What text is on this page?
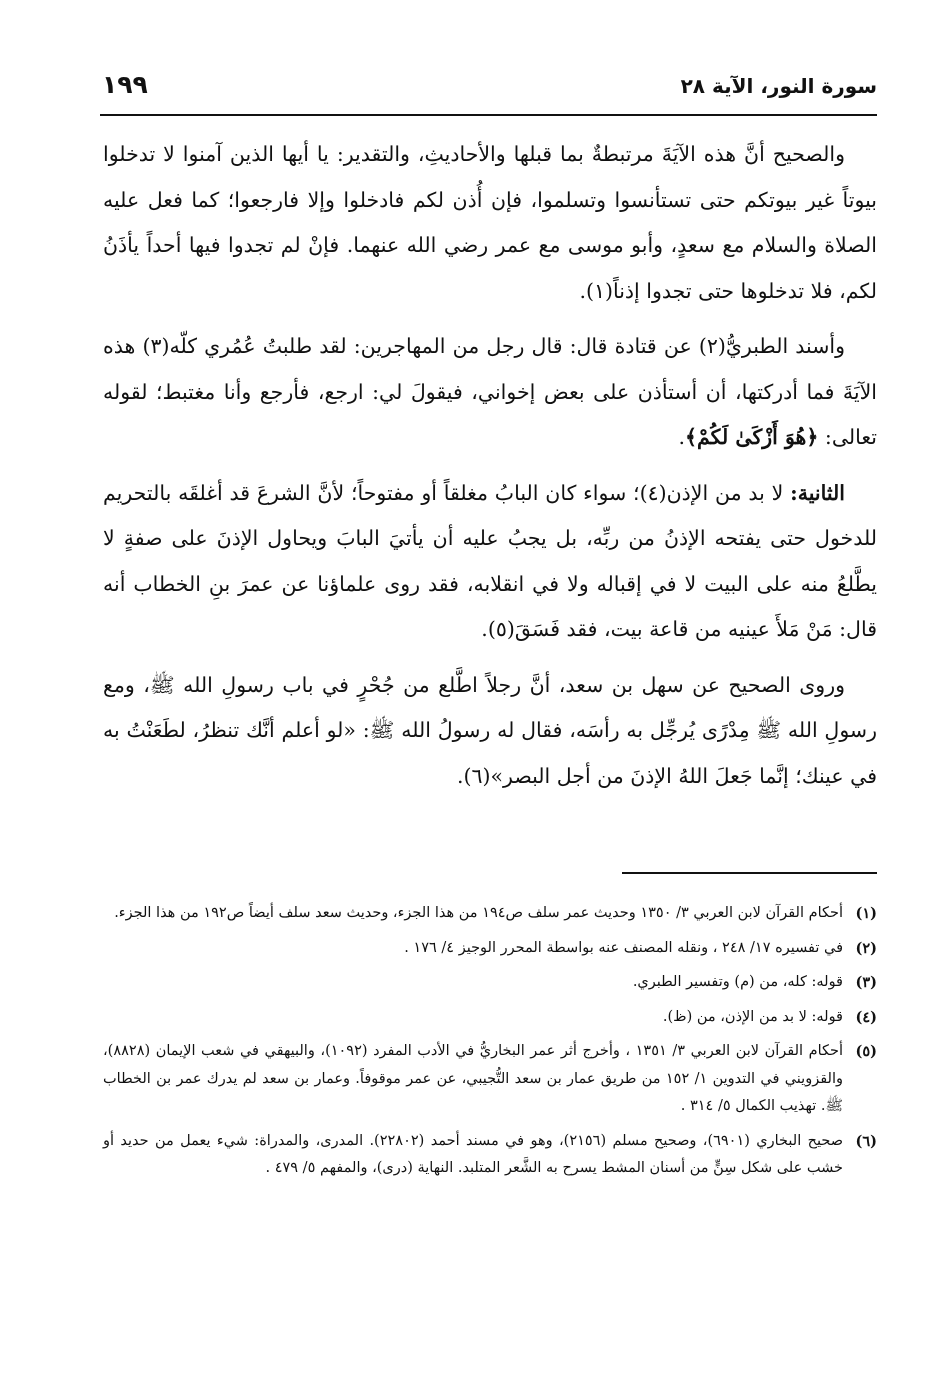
سورة النور، الآية ٢٨
١٩٩

والصحيح أنَّ هذه الآيَةَ مرتبطةٌ بما قبلها والأحاديثِ، والتقدير: يا أيها الذين آمنوا لا تدخلوا بيوتاً غير بيوتكم حتى تستأنسوا وتسلموا، فإن أُذن لكم فادخلوا وإلا فارجعوا؛ كما فعل عليه الصلاة والسلام مع سعدٍ، وأبو موسى مع عمر رضي الله عنهما. فإنْ لم تجدوا فيها أحداً يأذَنُ لكم، فلا تدخلوها حتى تجدوا إذناً(١).

وأسند الطبريُّ(٢) عن قتادة قال: قال رجل من المهاجرين: لقد طلبتُ عُمُري كلّه(٣) هذه الآيَةَ فما أدركتها، أن أستأذن على بعض إخواني، فيقولَ لي: ارجع، فأرجع وأنا مغتبط؛ لقوله تعالى: ﴿هُوَ أَزْكَىٰ لَكُمْ﴾.

الثانية: لا بد من الإذن(٤)؛ سواء كان البابُ مغلقاً أو مفتوحاً؛ لأنَّ الشرعَ قد أغلقَه بالتحريم للدخول حتى يفتحه الإذنُ من ربِّه، بل يجبُ عليه أن يأتيَ البابَ ويحاول الإذنَ على صفةٍ لا يطَّلعُ منه على البيت لا في إقباله ولا في انقلابه، فقد روى علماؤنا عن عمرَ بنِ الخطاب أنه قال: مَنْ مَلأَ عينيه من قاعة بيت، فقد فَسَقَ(٥).

وروى الصحيح عن سهل بن سعد، أنَّ رجلاً اطَّلع من جُحْرٍ في باب رسولِ الله ﷺ، ومع رسولِ الله ﷺ مِدْرًى يُرجِّل به رأسَه، فقال له رسولُ الله ﷺ: «لو أعلم أنَّك تنظرُ، لطَعَنْتُ به في عينك؛ إنَّما جَعلَ اللهُ الإذنَ من أجل البصر»(٦).

(١)
أحكام القرآن لابن العربي ٣/ ١٣٥٠ وحديث عمر سلف ص١٩٤ من هذا الجزء، وحديث سعد سلف أيضاً ص١٩٢ من هذا الجزء.
(٢)
في تفسيره ١٧/ ٢٤٨ ، ونقله المصنف عنه بواسطة المحرر الوجيز ٤/ ١٧٦ .
(٣)
قوله: كله، من (م) وتفسير الطبري.
(٤)
قوله: لا بد من الإذن، من (ظ).
(٥)
أحكام القرآن لابن العربي ٣/ ١٣٥١ ، وأخرج أثر عمر البخاريُّ في الأدب المفرد (١٠٩٢)، والبيهقي في شعب الإيمان (٨٨٢٨)، والقزويني في التدوين ١/ ١٥٢ من طريق عمار بن سعد التُّجيبي، عن عمر موقوفاً. وعمار بن سعد لم يدرك عمر بن الخطاب ﷺ. تهذيب الكمال ٥/ ٣١٤ .
(٦)
صحيح البخاري (٦٩٠١)، وصحيح مسلم (٢١٥٦)، وهو في مسند أحمد (٢٢٨٠٢). المدرى، والمدراة: شيء يعمل من حديد أو خشب على شكل سِنٍّ من أسنان المشط يسرح به الشَّعر المتلبد. النهاية (درى)، والمفهم ٥/ ٤٧٩ .
